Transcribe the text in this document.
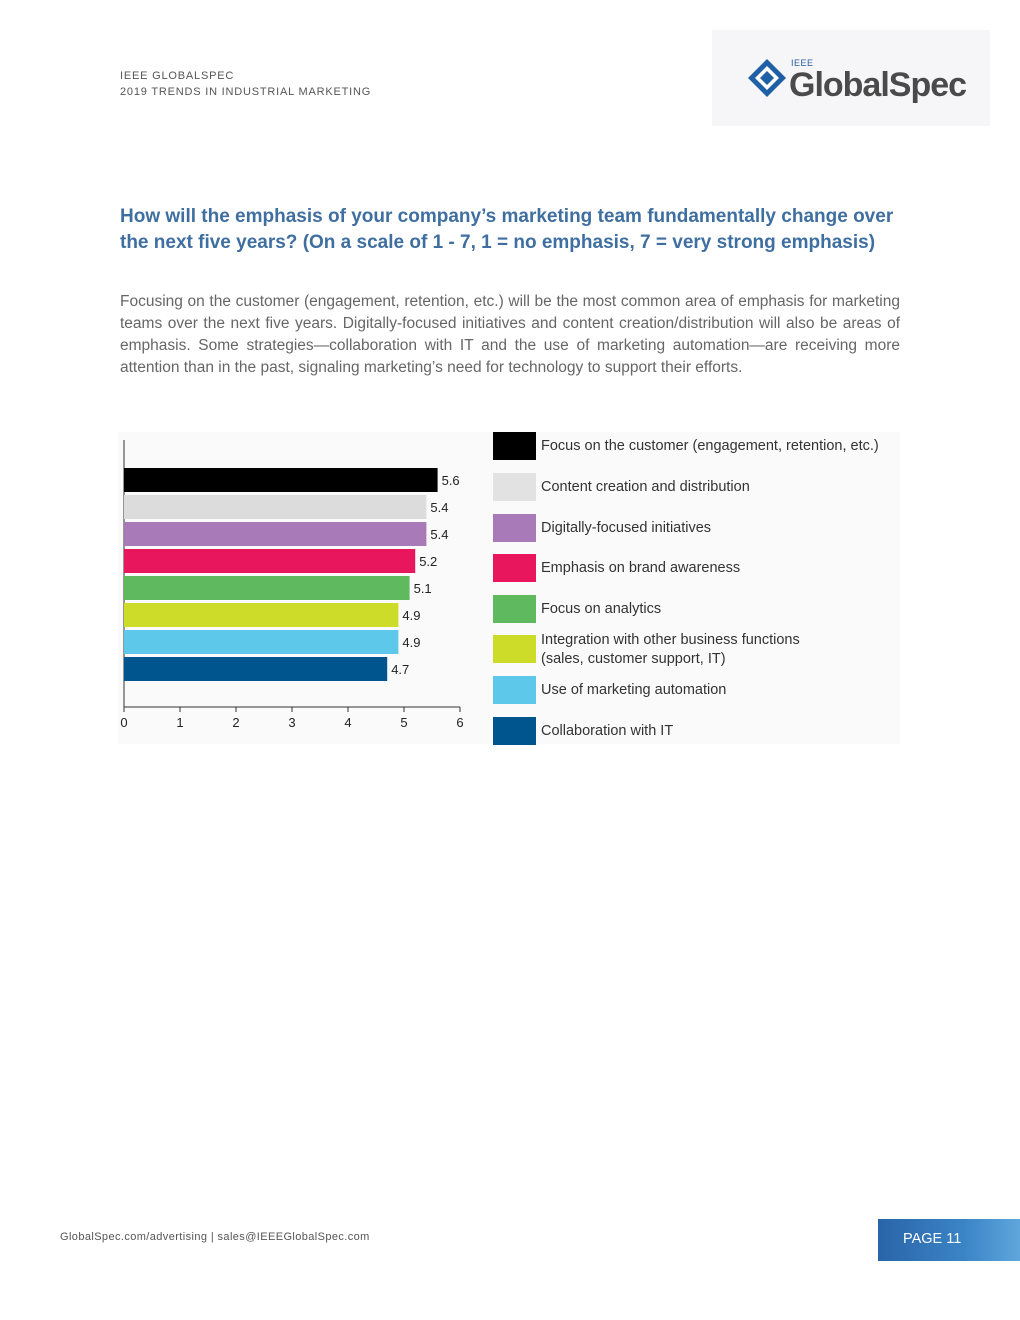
IEEE GLOBALSPEC
2019 TRENDS IN INDUSTRIAL MARKETING
IEEE
GlobalSpec
How will the emphasis of your company’s marketing team fundamentally change over the next five years? (On a scale of 1 - 7, 1 = no emphasis, 7 = very strong emphasis)
Focusing on the customer (engagement, retention, etc.) will be the most common area of emphasis for marketing teams over the next five years. Digitally-focused initiatives and content creation/distribution will also be areas of emphasis. Some strategies—collaboration with IT and the use of marketing automation—are receiving more attention than in the past, signaling marketing’s need for technology to support their efforts.
0	1	2	3	4	5	6
5.6
5.4
5.4
5.2
5.1
4.9
4.9
4.7
Focus on the customer (engagement, retention, etc.)
Content creation and distribution
Digitally-focused initiatives
Emphasis on brand awareness
Focus on analytics
Integration with other business functions
(sales, customer support, IT)
Use of marketing automation
Collaboration with IT
GlobalSpec.com/advertising | sales@IEEEGlobalSpec.com	PAGE 11
